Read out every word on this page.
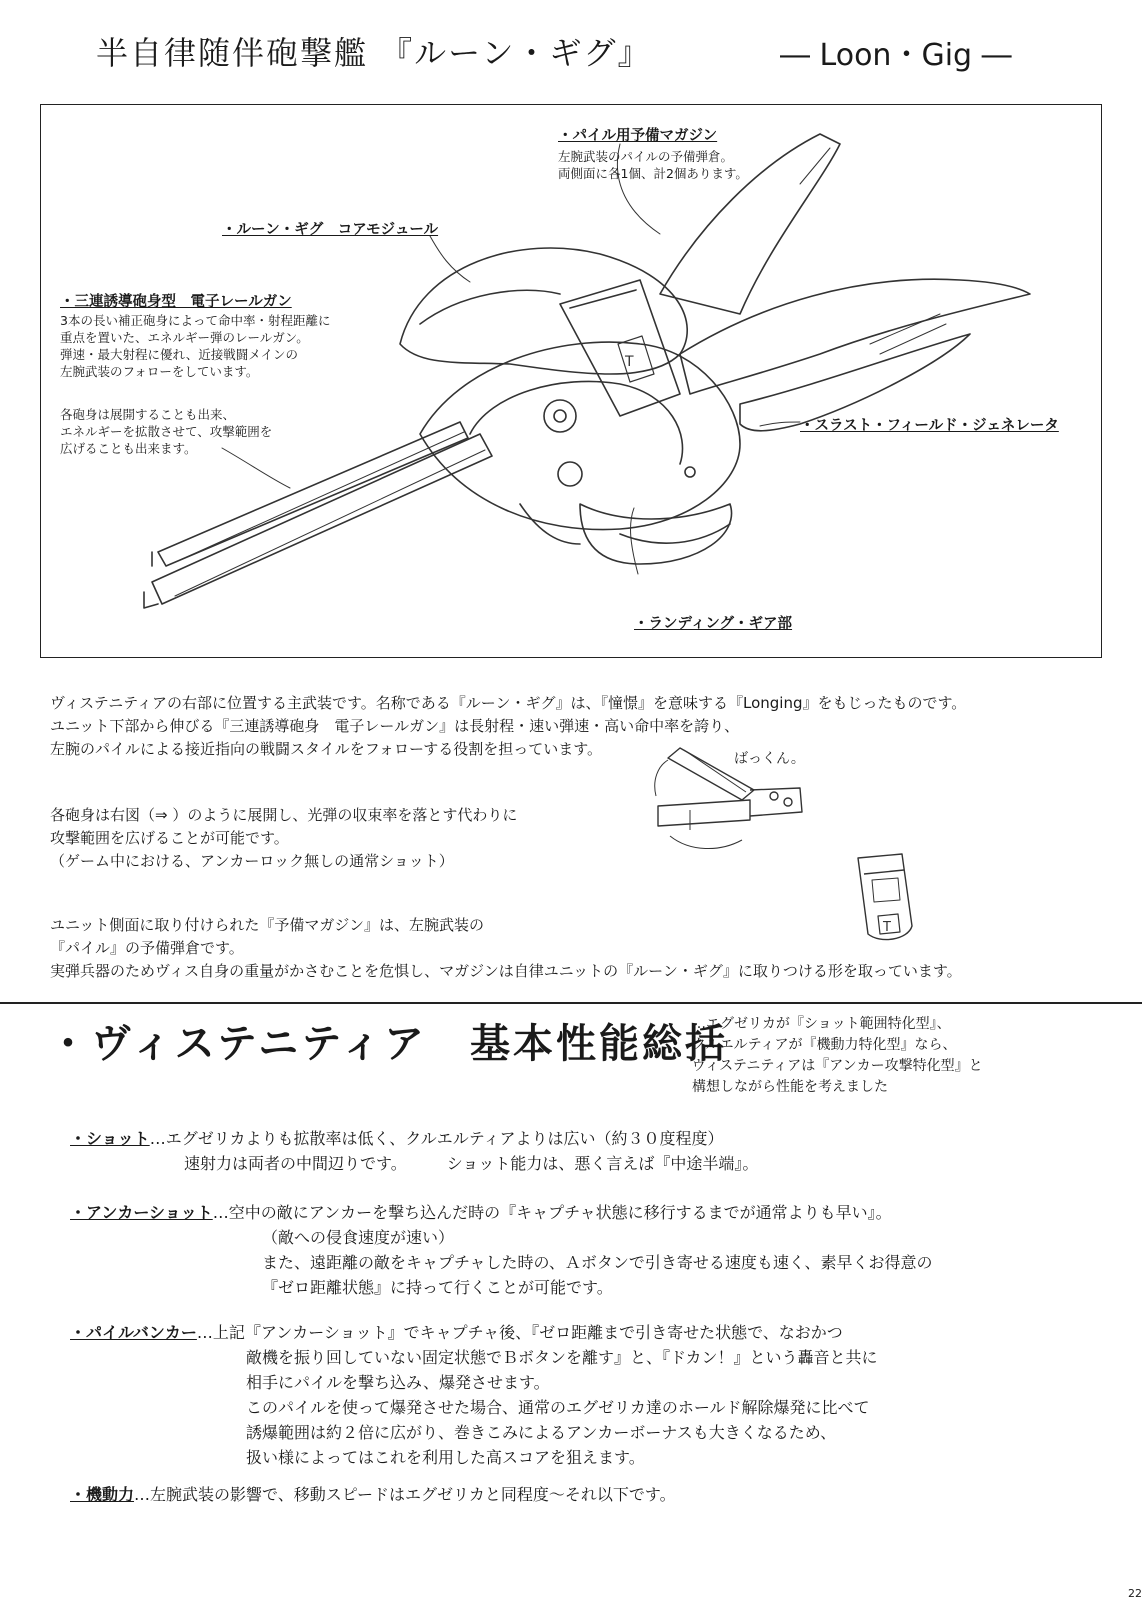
半自律随伴砲撃艦 『ルーン・ギグ』	― Loon・Gig ―
T
・パイル用予備マガジン
左腕武装のパイルの予備弾倉。
両側面に各1個、計2個あります。
・ルーン・ギグ　コアモジュール
・三連誘導砲身型　電子レールガン
3本の長い補正砲身によって命中率・射程距離に
重点を置いた、エネルギー弾のレールガン。
弾速・最大射程に優れ、近接戦闘メインの
左腕武装のフォローをしています。
各砲身は展開することも出来、
エネルギーを拡散させて、攻撃範囲を
広げることも出来ます。
・スラスト・フィールド・ジェネレータ
・ランディング・ギア部
ヴィステニティアの右部に位置する主武装です。名称である『ルーン・ギグ』は、『憧憬』を意味する『Longing』をもじったものです。
ユニット下部から伸びる『三連誘導砲身　電子レールガン』は長射程・速い弾速・高い命中率を誇り、
左腕のパイルによる接近指向の戦闘スタイルをフォローする役割を担っています。
各砲身は右図（⇒ ）のように展開し、光弾の収束率を落とす代わりに
攻撃範囲を広げることが可能です。
（ゲーム中における、アンカーロック無しの通常ショット）
ばっくん。
T
ユニット側面に取り付けられた『予備マガジン』は、左腕武装の
『パイル』の予備弾倉です。
実弾兵器のためヴィス自身の重量がかさむことを危惧し、マガジンは自律ユニットの『ルーン・ギグ』に取りつける形を取っています。
・ヴィステニティア　基本性能総括
…エグゼリカが『ショット範囲特化型』、
クルエルティアが『機動力特化型』なら、
ヴィステニティアは『アンカー攻撃特化型』と
構想しながら性能を考えました
・ショット…エグゼリカよりも拡散率は低く、クルエルティアよりは広い（約３０度程度）
速射力は両者の中間辺りです。　　　ショット能力は、悪く言えば『中途半端』。
・アンカーショット…空中の敵にアンカーを撃ち込んだ時の『キャプチャ状態に移行するまでが通常よりも早い』。
（敵への侵食速度が速い）
また、遠距離の敵をキャプチャした時の、Ａボタンで引き寄せる速度も速く、素早くお得意の
『ゼロ距離状態』に持って行くことが可能です。
・パイルバンカー…上記『アンカーショット』でキャプチャ後、『ゼロ距離まで引き寄せた状態で、なおかつ
敵機を振り回していない固定状態でＢボタンを離す』と、『ドカン！』という轟音と共に
相手にパイルを撃ち込み、爆発させます。
このパイルを使って爆発させた場合、通常のエグゼリカ達のホールド解除爆発に比べて
誘爆範囲は約２倍に広がり、巻きこみによるアンカーボーナスも大きくなるため、
扱い様によってはこれを利用した高スコアを狙えます。
・機動力…左腕武装の影響で、移動スピードはエグゼリカと同程度～それ以下です。
22
